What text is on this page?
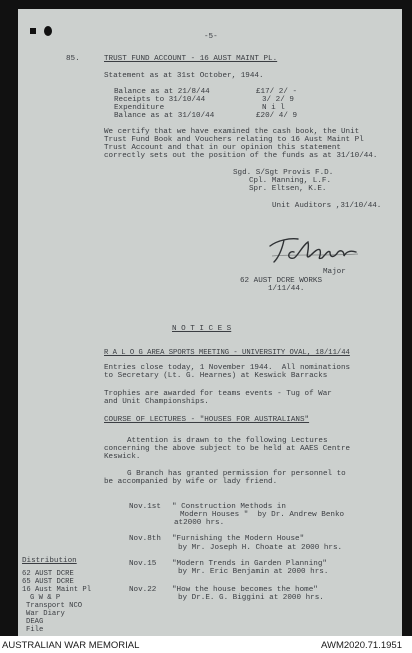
-5-
85.	TRUST FUND ACCOUNT - 16 AUST MAINT PL.
Statement as at 31st October, 1944.
Balance as at 21/8/44	£17/ 2/ -
Receipts to 31/10/44	3/ 2/ 9
Expenditure	N i l
Balance as at 31/10/44	£20/ 4/ 9
We certify that we have examined the cash book, the Unit
Trust Fund Book and Vouchers relating to 16 Aust Maint Pl
Trust Account and that in our opinion this statement
correctly sets out the position of the funds as at 31/10/44.
Sgd. S/Sgt Provis F.D.
Cpl. Manning, L.F.
Spr. Eltsen, K.E.
Unit Auditors ,31/10/44.
Major
62 AUST DCRE WORKS
1/11/44.
N O T I C E S
R A L O G AREA SPORTS MEETING - UNIVERSITY OVAL, 18/11/44
Entries close today, 1 November 1944.  All nominations
to Secretary (Lt. G. Hearnes) at Keswick Barracks
Trophies are awarded for teams events - Tug of War
and Unit Championships.
COURSE OF LECTURES - "HOUSES FOR AUSTRALIANS"
Attention is drawn to the following Lectures
concerning the above subject to be held at AAES Centre
Keswick.
G Branch has granted permission for personnel to
be accompanied by wife or lady friend.
Nov.1st " Construction Methods in
Modern Houses "  by Dr. Andrew Benko
at2000 hrs.
Nov.8th "Furnishing the Modern House"
by Mr. Joseph H. Choate at 2000 hrs.
Nov.15 "Modern Trends in Garden Planning"
by Mr. Eric Benjamin at 2000 hrs.
Nov.22 "How the house becomes the home"
by Dr.E. G. Biggini at 2000 hrs.
Distribution
62 AUST DCRE
65 AUST DCRE
16 Aust Maint Pl
G W & P
Transport NCO
War Diary
DEAG
File
AUSTRALIAN WAR MEMORIAL	AWM2020.71.1951
